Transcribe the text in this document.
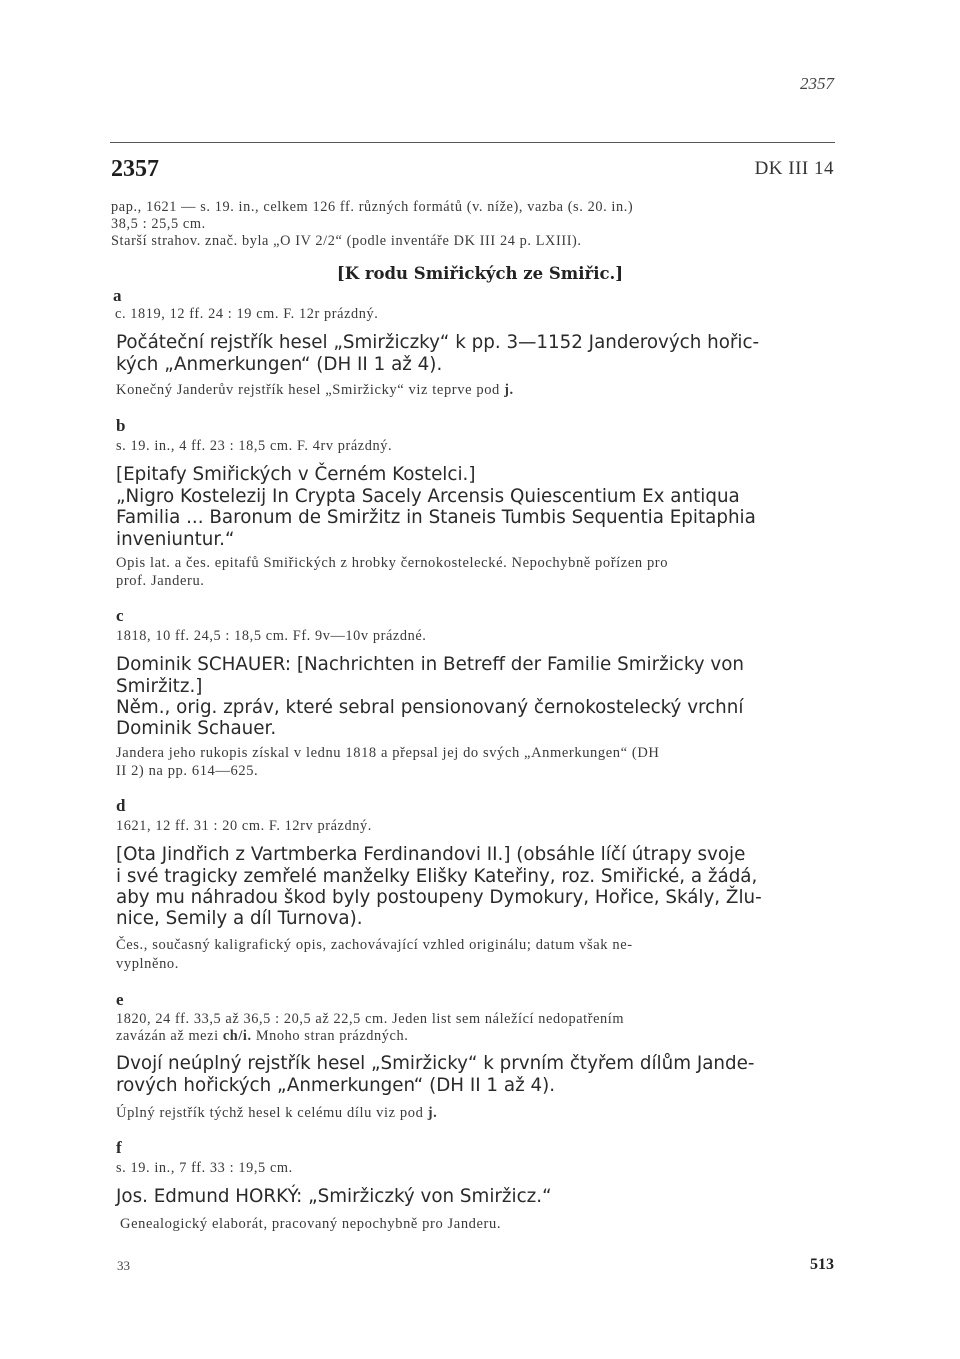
2357
2357	DK III 14
pap., 1621 — s. 19. in., celkem 126 ff. různých formátů (v. níže), vazba (s. 20. in.)
38,5 : 25,5 cm.
Starší strahov. znač. byla „O IV 2/2“ (podle inventáře DK III 24 p. LXIII).
[K rodu Smiřických ze Smiřic.]
a
c. 1819, 12 ff. 24 : 19 cm. F. 12r prázdný.
Počáteční rejstřík hesel „Smiržiczky“ k pp. 3—1152 Janderových hořic-
kých „Anmerkungen“ (DH II 1 až 4).
Konečný Janderův rejstřík hesel „Smiržicky“ viz teprve pod j.
b
s. 19. in., 4 ff. 23 : 18,5 cm. F. 4rv prázdný.
[Epitafy Smiřických v Černém Kostelci.]
„Nigro Kostelezij In Crypta Sacely Arcensis Quiescentium Ex antiqua
Familia ... Baronum de Smiržitz in Staneis Tumbis Sequentia Epitaphia
inveniuntur.“
Opis lat. a čes. epitafů Smiřických z hrobky černokostelecké. Nepochybně pořízen pro
prof. Janderu.
c
1818, 10 ff. 24,5 : 18,5 cm. Ff. 9v—10v prázdné.
Dominik SCHAUER: [Nachrichten in Betreff der Familie Smiržicky von
Smiržitz.]
Něm., orig. zpráv, které sebral pensionovaný černokostelecký vrchní
Dominik Schauer.
Jandera jeho rukopis získal v lednu 1818 a přepsal jej do svých „Anmerkungen“ (DH
II 2) na pp. 614—625.
d
1621, 12 ff. 31 : 20 cm. F. 12rv prázdný.
[Ota Jindřich z Vartmberka Ferdinandovi II.] (obsáhle líčí útrapy svoje
i své tragicky zemřelé manželky Elišky Kateřiny, roz. Smiřické, a žádá,
aby mu náhradou škod byly postoupeny Dymokury, Hořice, Skály, Žlu-
nice, Semily a díl Turnova).
Čes., současný kaligrafický opis, zachovávající vzhled originálu; datum však ne-
vyplněno.
e
1820, 24 ff. 33,5 až 36,5 : 20,5 až 22,5 cm. Jeden list sem náležící nedopatřením
zavázán až mezi ch/i. Mnoho stran prázdných.
Dvojí neúplný rejstřík hesel „Smiržicky“ k prvním čtyřem dílům Jande-
rových hořických „Anmerkungen“ (DH II 1 až 4).
Úplný rejstřík týchž hesel k celému dílu viz pod j.
f
s. 19. in., 7 ff. 33 : 19,5 cm.
Jos. Edmund HORKÝ: „Smiržiczký von Smiržicz.“
Genealogický elaborát, pracovaný nepochybně pro Janderu.
33	513
